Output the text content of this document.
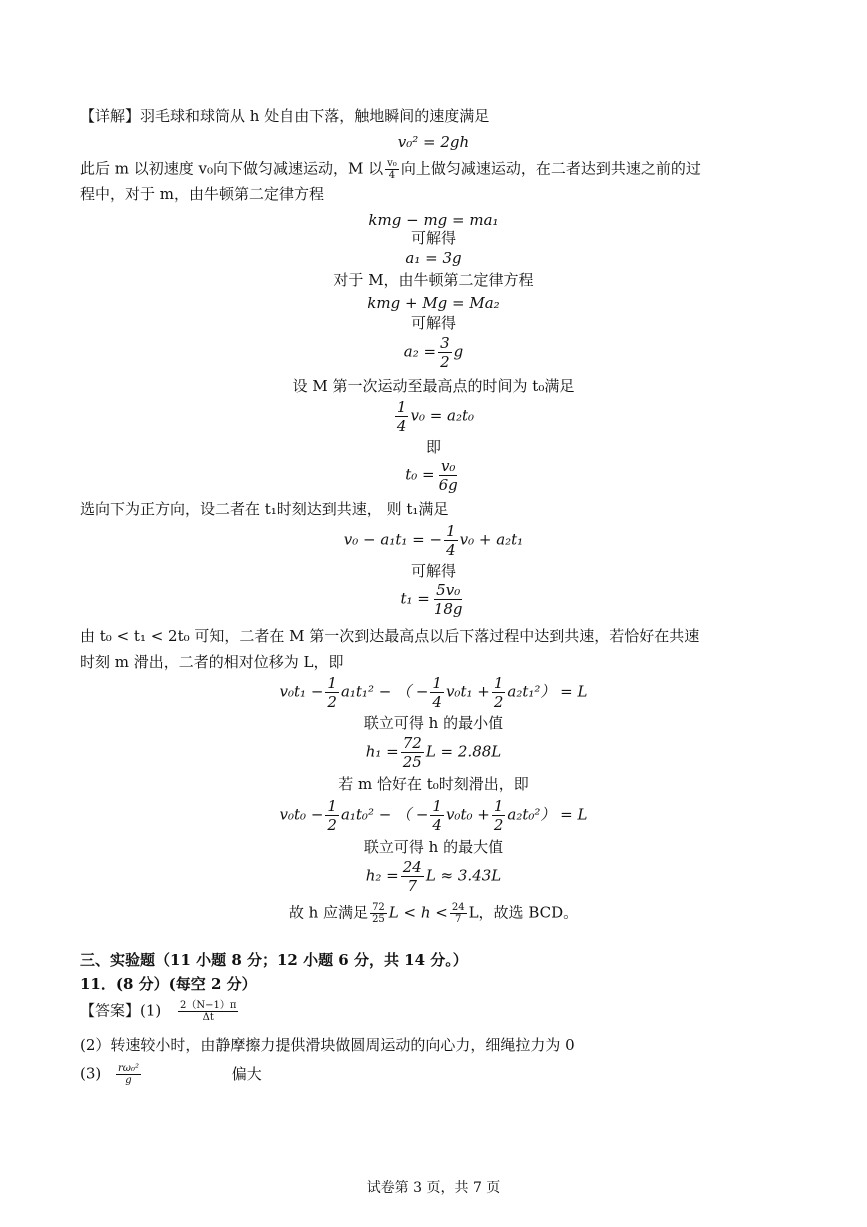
【详解】羽毛球和球筒从 h 处自由下落，触地瞬间的速度满足
v₀² = 2gh
此后 m 以初速度 v₀向下做匀减速运动，M 以 $\frac{\text{v₀}}{4}$ 向上做匀减速运动，在二者达到共速之前的过
程中，对于 m，由牛顿第二定律方程
kmg − mg = ma₁
可解得
a₁ = 3g
对于 M，由牛顿第二定律方程
kmg + Mg = Ma₂
可解得
$a_2 = \frac{3}{2}$ g
设 M 第一次运动至最高点的时间为 t₀满足
$\frac{1}{4} v_0 = a_2t_0$
即
$t_0 = \frac{\text{v₀}}{6g}$
选向下为正方向，设二者在 t₁时刻达到共速， 则 t₁满足
v₀ − a₁t₁ = − $\frac{1}{4} v_0 + a_2t_1$
可解得
$t_1 = \frac{\text{5v₀}}{18g}$
由 t₀ < t₁ < 2t₀ 可知，二者在 M 第一次到达最高点以后下落过程中达到共速，若恰好在共速
时刻 m 滑出，二者的相对位移为 L，即
$v_0t_1 - \frac{1}{2} a_1t_1^2$ − （ − $\frac{1}{4} v_0t_1 + \frac{1}{2} a_2t_1^2) = L$
联立可得 h 的最小值
$h_1 = \frac{72}{25}$ L = 2.88L
若 m 恰好在 t₀时刻滑出，即
$v_0t_0 - \frac{1}{2} a_1t_0^2$ − （ − $\frac{1}{4} v_0t_0 + \frac{1}{2} a_2t_0^2) = L$
联立可得 h 的最大值
$h_2 = \frac{24}{7}$ L ≈ 3.43L
故 h 应满足 $\frac{72}{25}$ $L < h < \frac{24}{7}$ L，故选 BCD。
三、实验题（11 小题 8 分；12 小题 6 分，共 14 分。）
11．(8 分）(每空 2 分）
【答案】$(1) \frac{2(N-1)\pi}{\Delta t}$
(2）转速较小时，由静摩擦力提供滑块做圆周运动的向心力，细绳拉力为 0
$(3) \frac{\text{rω₀²}}{g}$	偏大
试卷第 3 页，共 7 页
